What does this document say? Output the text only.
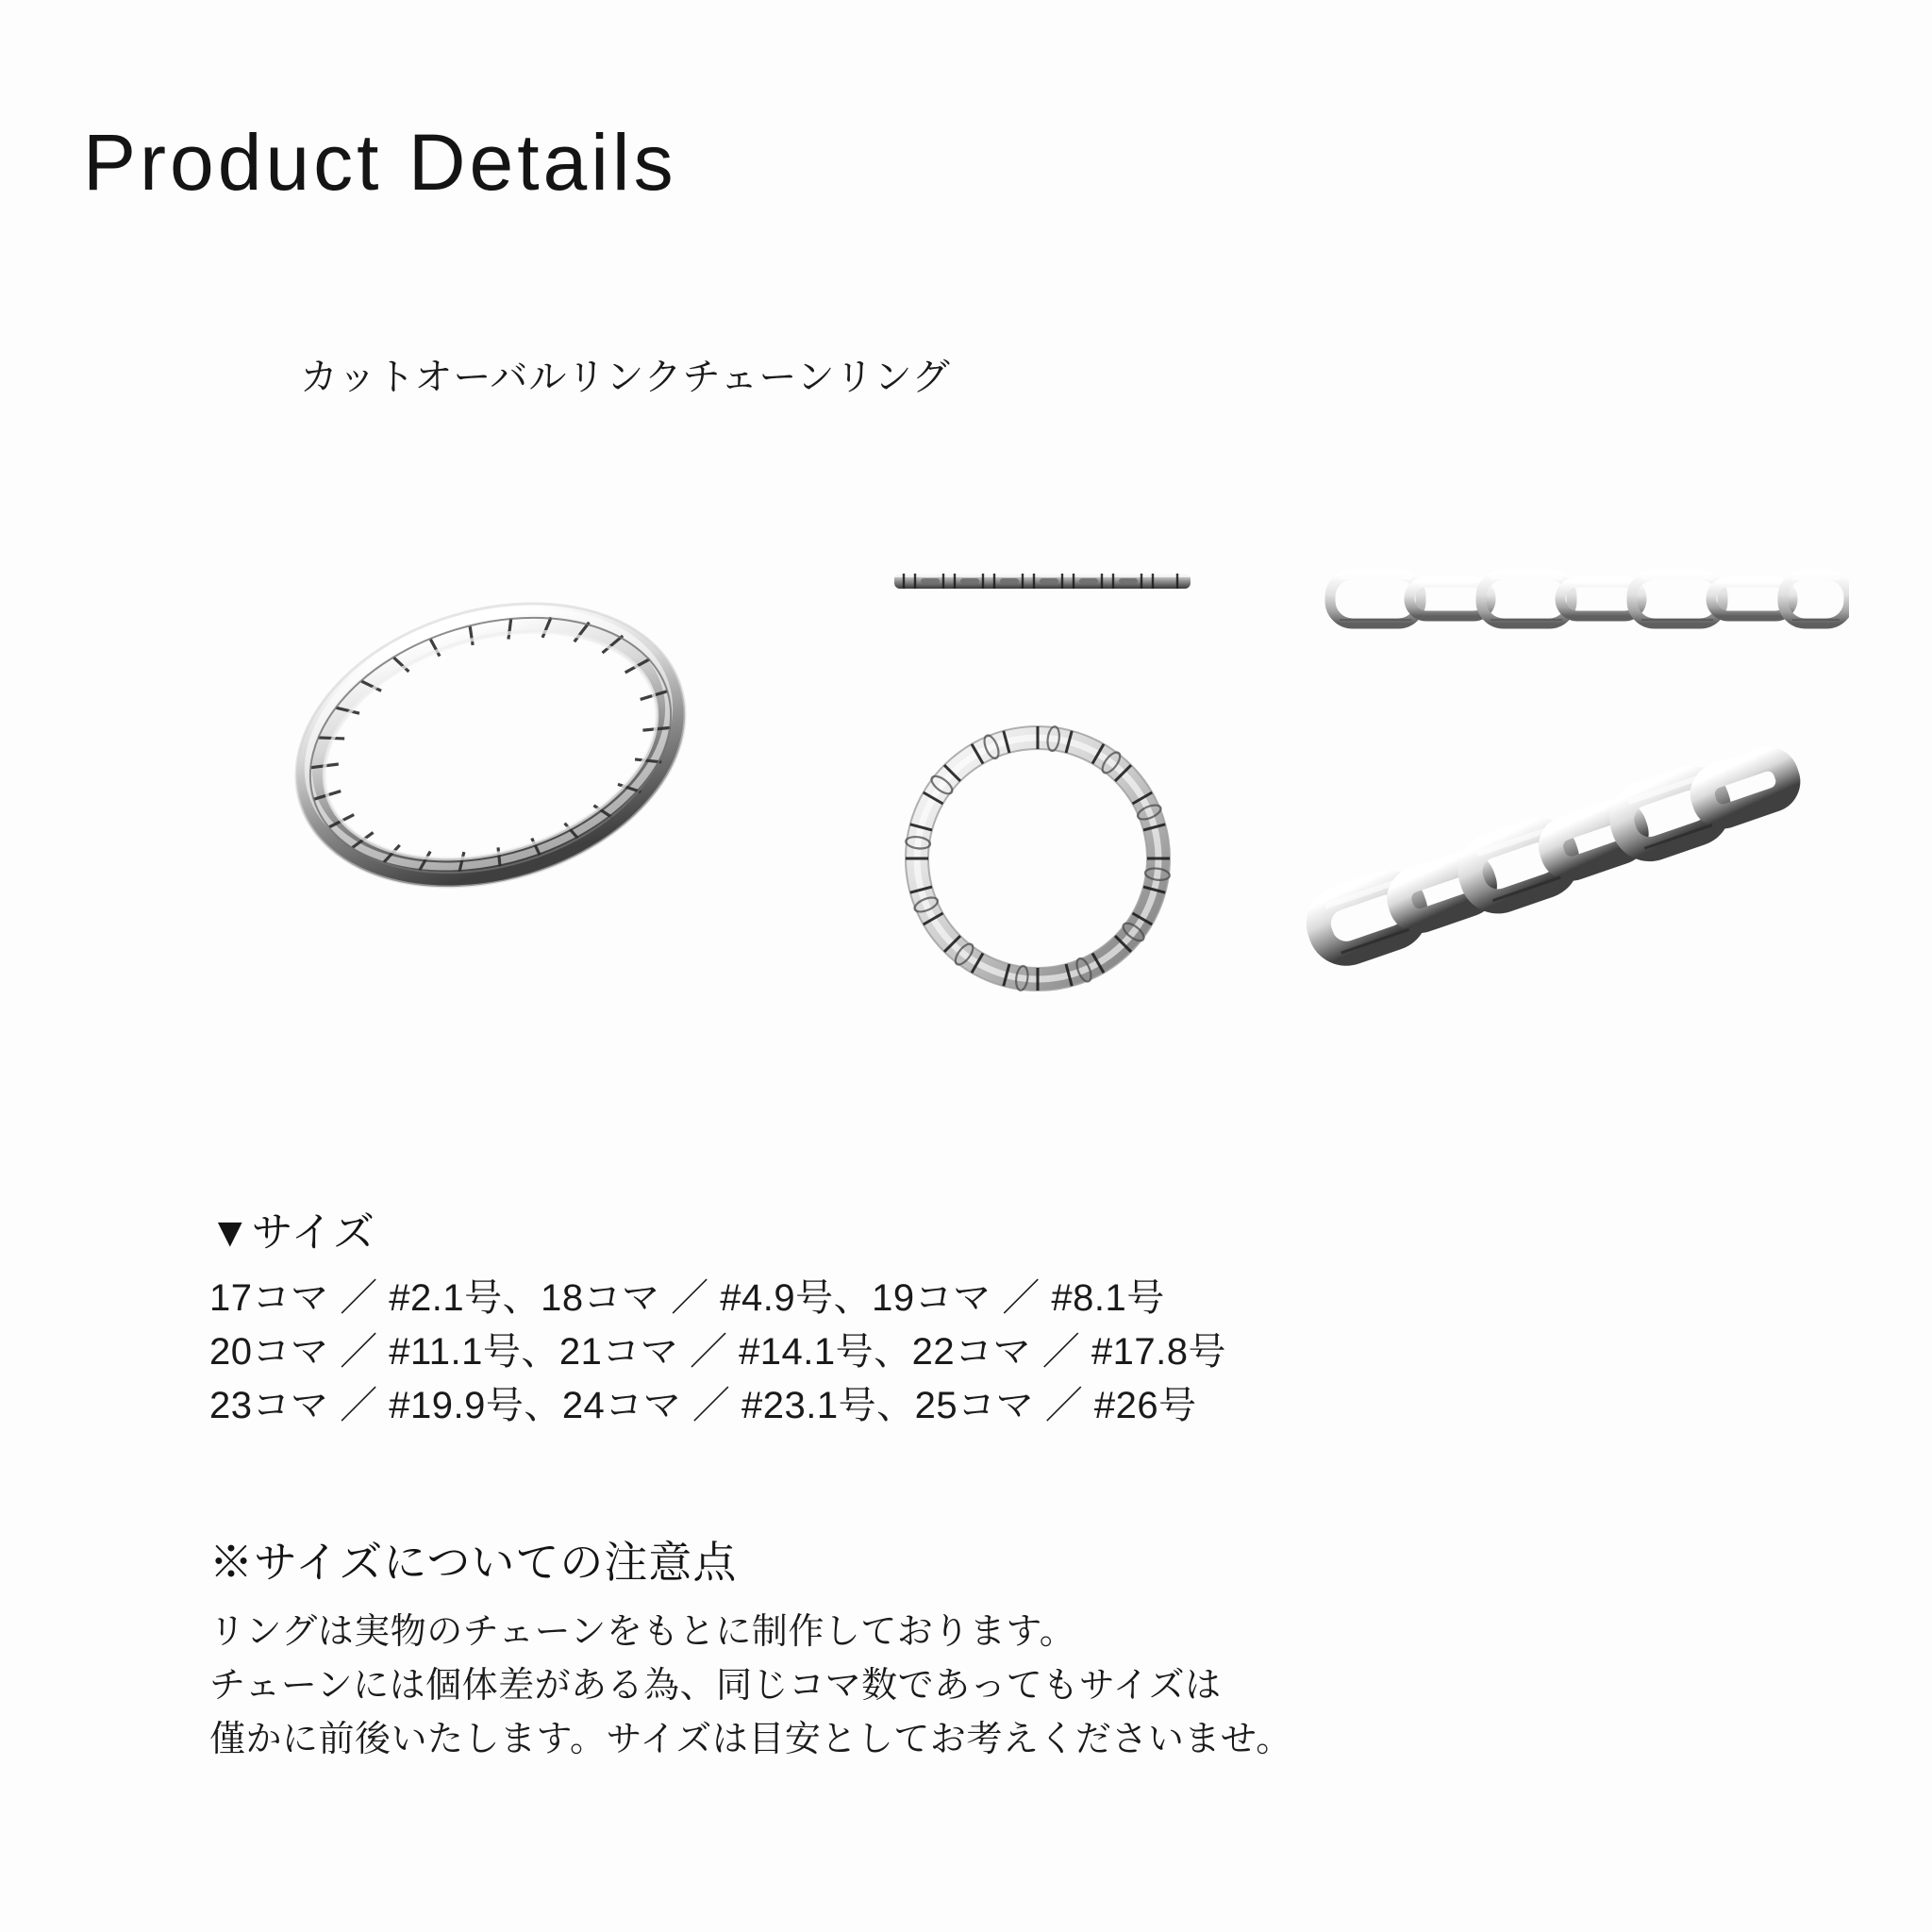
Product Details
カットオーバルリンクチェーンリング
▼サイズ
17コマ ／ #2.1号、18コマ ／ #4.9号、19コマ ／ #8.1号
20コマ ／ #11.1号、21コマ ／ #14.1号、22コマ ／ #17.8号
23コマ ／ #19.9号、24コマ ／ #23.1号、25コマ ／ #26号
※サイズについての注意点
リングは実物のチェーンをもとに制作しております。
チェーンには個体差がある為、同じコマ数であってもサイズは
僅かに前後いたします。サイズは目安としてお考えくださいませ。
